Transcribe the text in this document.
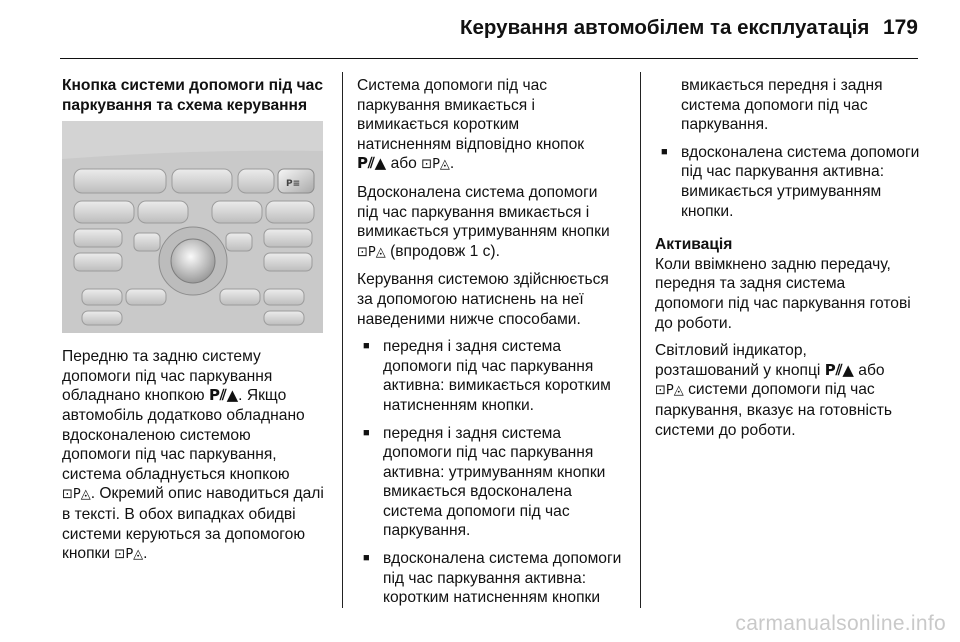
Керування автомобілем та експлуатація 179
Кнопка системи допомоги під час
паркування та схема керування
P≡

Передню та задню систему
допомоги під час паркування
обладнано кнопкою P⫽▲. Якщо
автомобіль додатково обладнано
вдосконаленою системою
допомоги під час паркування,
система обладнується кнопкою
⊡P◬. Окремий опис наводиться далі
в тексті. В обох випадках обидві
системи керуються за допомогою
кнопки ⊡P◬.

Система допомоги під час
паркування вмикається і
вимикається коротким
натисненням відповідно кнопок
P⫽▲ або ⊡P◬.

Вдосконалена система допомоги
під час паркування вмикається і
вимикається утримуванням кнопки
⊡P◬ (впродовж 1 с).

Керування системою здійснюється
за допомогою натиснень на неї
наведеними нижче способами.

■ передня і задня система
допомоги під час паркування
активна: вимикається коротким
натисненням кнопки.
■ передня і задня система
допомоги під час паркування
активна: утримуванням кнопки
вмикається вдосконалена
система допомоги під час
паркування.
■ вдосконалена система допомоги
під час паркування активна:
коротким натисненням кнопки

вмикається передня і задня
система допомоги під час
паркування.

■ вдосконалена система допомоги
під час паркування активна:
вимикається утримуванням
кнопки.
Активація

Коли ввімкнено задню передачу,
передня та задня система
допомоги під час паркування готові
до роботи.

Світловий індикатор,
розташований у кнопці P⫽▲ або
⊡P◬ системи допомоги під час
паркування, вказує на готовність
системи до роботи.

carmanualsonline.info
